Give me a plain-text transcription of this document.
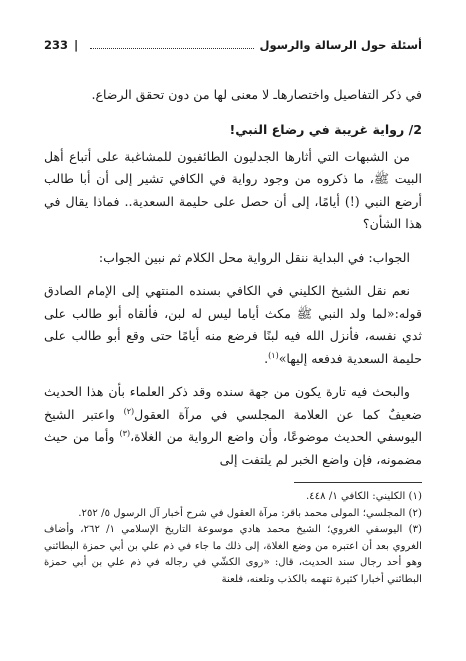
أسئلة حول الرسالة والرسول
|
233

في ذكر التفاصيل واختصارهاـ لا معنى لها من دون تحقق الرضاع.

2/ رواية غريبة في رضاع النبي!

من الشبهات التي أثارها الجدليون الطائفيون للمشاغبة على أتباع أهل البيت ﷺ، ما ذكروه من وجود رواية في الكافي تشير إلى أن أبا طالب أرضع النبي (!) أيامًا، إلى أن حصل على حليمة السعدية.. فماذا يقال في هذا الشأن؟

الجواب: في البداية ننقل الرواية محل الكلام ثم نبين الجواب:

نعم نقل الشيخ الكليني في الكافي بسنده المنتهي إلى الإمام الصادق قوله:«لما ولد النبي ﷺ مكث أياما ليس له لبن، فألقاه أبو طالب على ثدي نفسه، فأنزل الله فيه لبنًا فرضع منه أيامًا حتى وقع أبو طالب على حليمة السعدية فدفعه إليها»$^{(١)}$.

والبحث فيه تارة يكون من جهة سنده وقد ذكر العلماء بأن هذا الحديث ضعيفٌ كما عن العلامة المجلسي في مرآة العقول$^{(٢)}$ واعتبر الشيخ اليوسفي الحديث موضوعًا، وأن واضع الرواية من الغلاة،$^{(٣)}$ وأما من حيث مضمونه، فإن واضع الخبر لم يلتفت إلى

(١) الكليني: الكافي ١/ ٤٤٨.

(٢) المجلسي؛ المولى محمد باقر: مرآة العقول في شرح أخبار آل الرسول ٥/ ٢٥٢.

(٣) اليوسفي الغروي؛ الشيخ محمد هادي موسوعة التاريخ الإسلامي ١/ ٢٦٢، وأضاف الغروي بعد أن اعتبره من وضع الغلاة، إلى ذلك ما جاء في ذم علي بن أبي حمزة البطائني وهو أحد رجال سند الحديث، قال: «روى الكشّي في رجاله في ذم علي بن أبي حمزة البطائني أخبارا كثيرة تتهمه بالكذب وتلعنه، فلعنة
